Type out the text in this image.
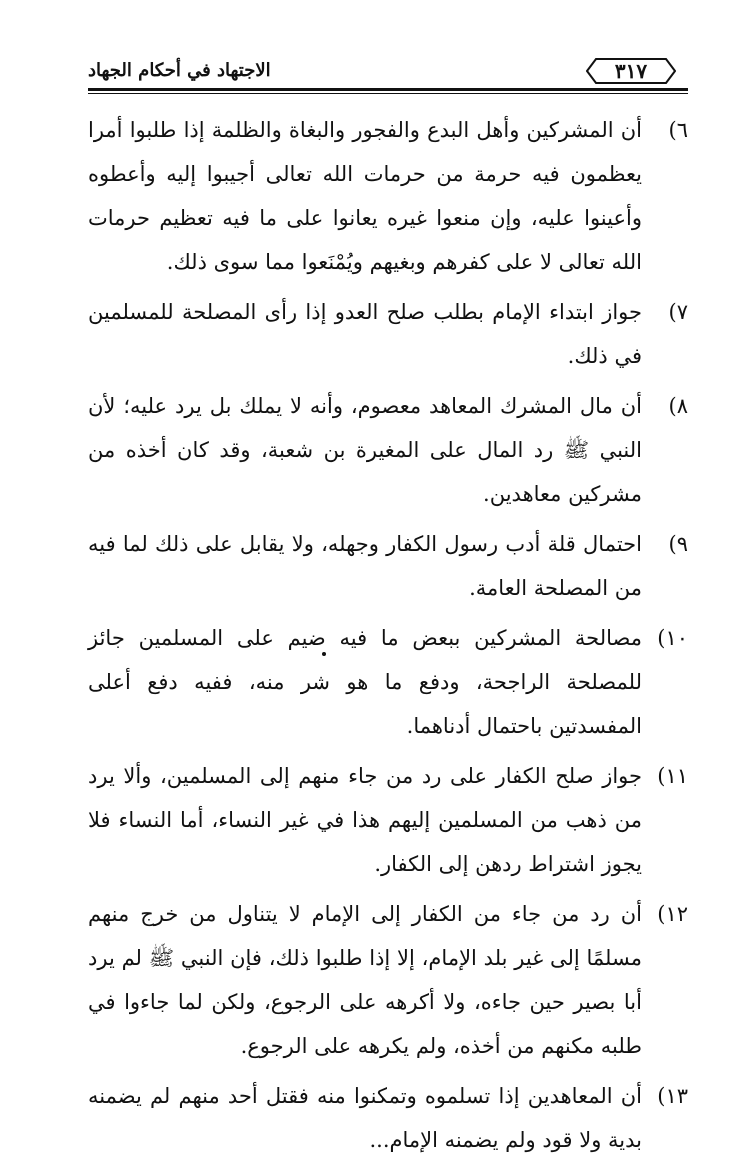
الاجتهاد في أحكام الجهاد	٣١٧
٦)
أن المشركين وأهل البدع والفجور والبغاة والظلمة إذا طلبوا أمرا يعظمون فيه حرمة من حرمات الله تعالى أجيبوا إليه وأعطوه وأعينوا عليه، وإن منعوا غيره يعانوا على ما فيه تعظيم حرمات الله تعالى لا على كفرهم وبغيهم ويُمْنَعوا مما سوى ذلك.
٧)
جواز ابتداء الإمام بطلب صلح العدو إذا رأى المصلحة للمسلمين في ذلك.
٨)
أن مال المشرك المعاهد معصوم، وأنه لا يملك بل يرد عليه؛ لأن النبي ﷺ رد المال على المغيرة بن شعبة، وقد كان أخذه من مشركين معاهدين.
٩)
احتمال قلة أدب رسول الكفار وجهله، ولا يقابل على ذلك لما فيه من المصلحة العامة.
١٠)
مصالحة المشركين ببعض ما فيه ضيم على المسلمين جائز للمصلحة الراجحة، ودفع ما هو شر منه، ففيه دفع أعلى المفسدتين باحتمال أدناهما.
١١)
جواز صلح الكفار على رد من جاء منهم إلى المسلمين، وألا يرد من ذهب من المسلمين إليهم هذا في غير النساء، أما النساء فلا يجوز اشتراط ردهن إلى الكفار.
١٢)
أن رد من جاء من الكفار إلى الإمام لا يتناول من خرج منهم مسلمًا إلى غير بلد الإمام، إلا إذا طلبوا ذلك، فإن النبي ﷺ لم يرد أبا بصير حين جاءه، ولا أكرهه على الرجوع، ولكن لما جاءوا في طلبه مكنهم من أخذه، ولم يكرهه على الرجوع.
١٣)
أن المعاهدين إذا تسلموه وتمكنوا منه فقتل أحد منهم لم يضمنه بدية ولا قود ولم يضمنه الإمام...
